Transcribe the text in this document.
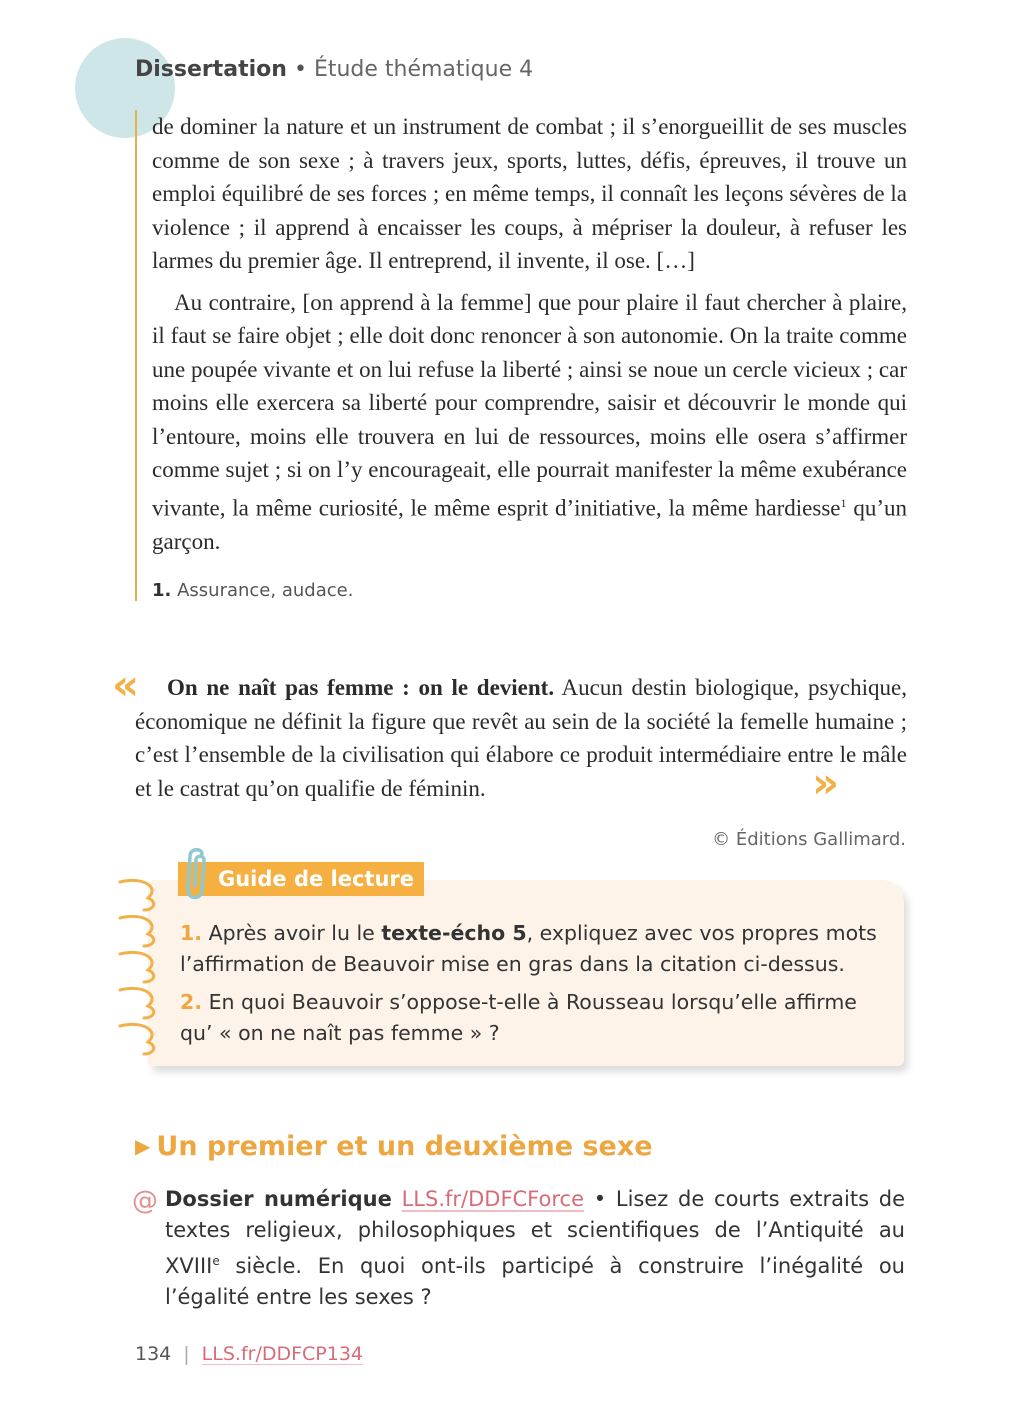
Dissertation • Étude thématique 4

de dominer la nature et un instrument de combat ; il s’enorgueillit de ses muscles comme de son sexe ; à travers jeux, sports, luttes, défis, épreuves, il trouve un emploi équilibré de ses forces ; en même temps, il connaît les leçons sévères de la violence ; il apprend à encaisser les coups, à mépriser la douleur, à refuser les larmes du premier âge. Il entreprend, il invente, il ose. […]

Au contraire, [on apprend à la femme] que pour plaire il faut chercher à plaire, il faut se faire objet ; elle doit donc renoncer à son autonomie. On la traite comme une poupée vivante et on lui refuse la liberté ; ainsi se noue un cercle vicieux ; car moins elle exercera sa liberté pour comprendre, saisir et découvrir le monde qui l’entoure, moins elle trouvera en lui de ressources, moins elle osera s’affirmer comme sujet ; si on l’y encourageait, elle pourrait manifester la même exubérance vivante, la même curiosité, le même esprit d’initiative, la même hardiesse$^1$ qu’un garçon.

1. Assurance, audace.
«	On ne naît pas femme : on le devient. Aucun destin biologique, psychique, économique ne définit la figure que revêt au sein de la société la femelle humaine ; c’est l’ensemble de la civilisation qui élabore ce produit intermédiaire entre le mâle et le castrat qu’on qualifie de féminin.	»
© Éditions Gallimard.
Guide de lecture
1. Après avoir lu le texte-écho 5, expliquez avec vos propres mots l’affirmation de Beauvoir mise en gras dans la citation ci-dessus.
2. En quoi Beauvoir s’oppose-t-elle à Rousseau lorsqu’elle affirme qu’ « on ne naît pas femme » ?
▶ Un premier et un deuxième sexe
@ Dossier numérique LLS.fr/DDFCForce • Lisez de courts extraits de textes religieux, philosophiques et scientifiques de l’Antiquité au XVIIIe siècle. En quoi ont-ils participé à construire l’inégalité ou l’égalité entre les sexes ?
134 | LLS.fr/DDFCP134
